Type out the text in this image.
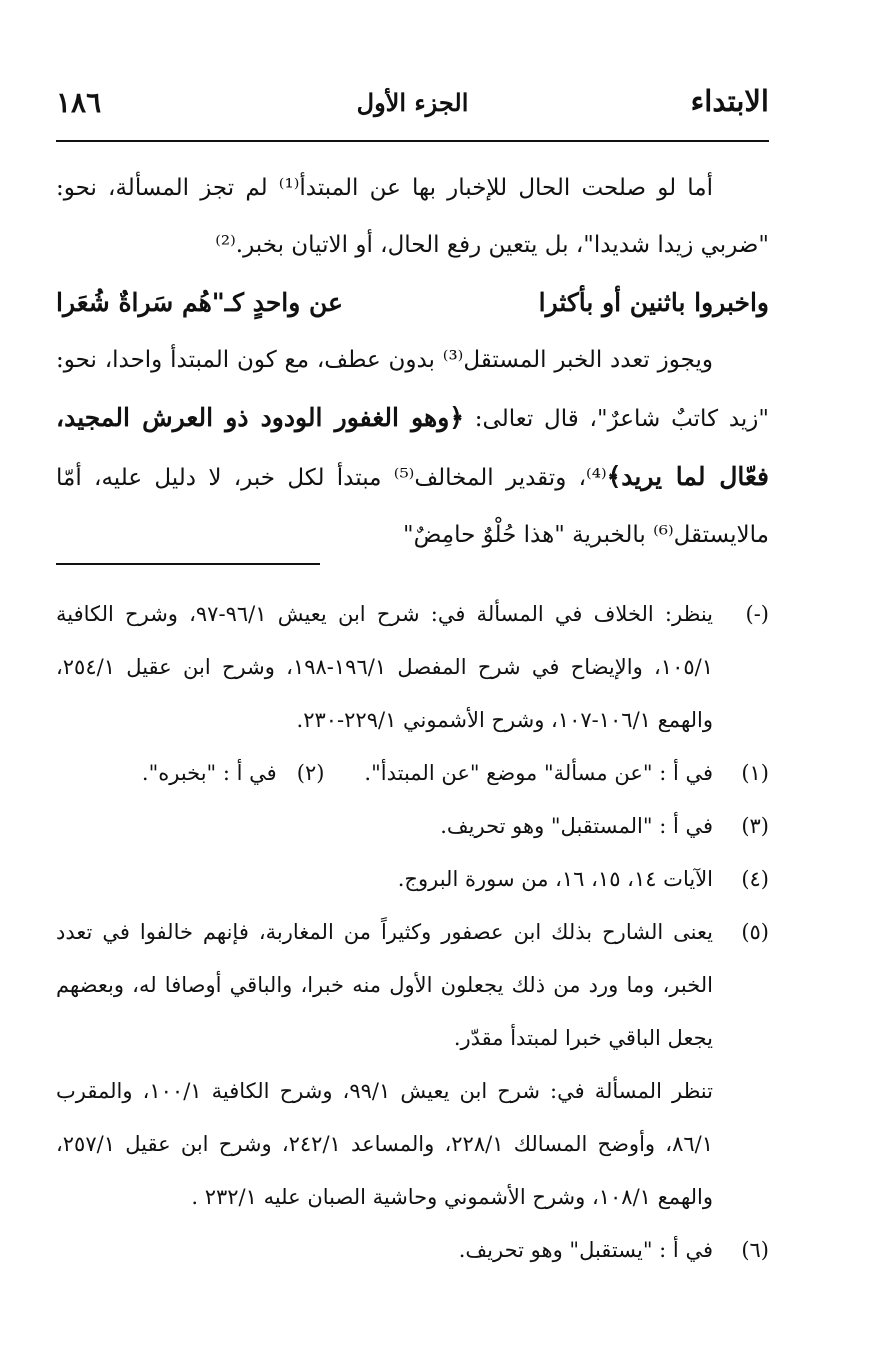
الابتداء
الجزء الأول
١٨٦

أما لو صلحت الحال للإخبار بها عن المبتدأ⁽¹⁾ لم تجز المسألة، نحو: "ضربي زيدا شديدا"، بل يتعين رفع الحال، أو الاتيان بخبر.⁽²⁾

واخبروا باثنين أو بأكثرا
عن واحدٍ كـ"هُم سَراةٌ شُعَرا

ويجوز تعدد الخبر المستقل⁽³⁾ بدون عطف، مع كون المبتدأ واحدا، نحو: "زيد كاتبٌ شاعرٌ"، قال تعالى: ﴿وهو الغفور الودود ذو العرش المجيد، فعّال لما يريد﴾⁽⁴⁾، وتقدير المخالف⁽⁵⁾ مبتدأ لكل خبر، لا دليل عليه، أمّا مالايستقل⁽⁶⁾ بالخبرية "هذا حُلْوٌ حامِضٌ"

(-)
ينظر: الخلاف في المسألة في: شرح ابن يعيش ٩٦/١-٩٧، وشرح الكافية ١٠٥/١، والإيضاح في شرح المفصل ١٩٦/١-١٩٨، وشرح ابن عقيل ٢٥٤/١، والهمع ١٠٦/١-١٠٧، وشرح الأشموني ٢٢٩/١-٢٣٠.
(١)
في أ : "عن مسألة" موضع "عن المبتدأ".(٢)   في أ : "بخبره".
(٣)
في أ : "المستقبل" وهو تحريف.
(٤)
الآيات ١٤، ١٥، ١٦، من سورة البروج.
(٥)
يعنى الشارح بذلك ابن عصفور وكثيراً من المغاربة، فإنهم خالفوا في تعدد الخبر، وما ورد من ذلك يجعلون الأول منه خبرا، والباقي أوصافا له، وبعضهم يجعل الباقي خبرا لمبتدأ مقدّر.
تنظر المسألة في: شرح ابن يعيش ٩٩/١، وشرح الكافية ١٠٠/١، والمقرب ٨٦/١، وأوضح المسالك ٢٢٨/١، والمساعد ٢٤٢/١، وشرح ابن عقيل ٢٥٧/١، والهمع ١٠٨/١، وشرح الأشموني وحاشية الصبان عليه ٢٣٢/١ .
(٦)
في أ : "يستقبل" وهو تحريف.
